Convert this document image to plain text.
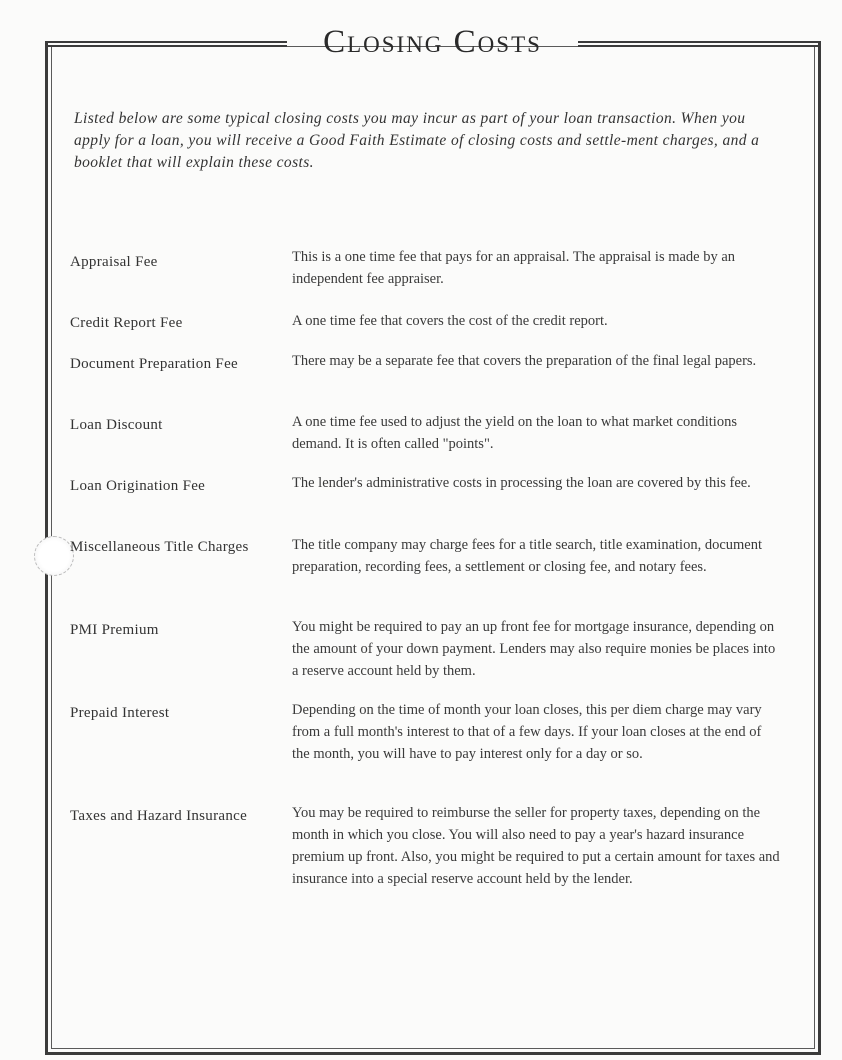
Closing Costs

Listed below are some typical closing costs you may incur as part of your loan transaction. When you apply for a loan, you will receive a Good Faith Estimate of closing costs and settle-ment charges, and a booklet that will explain these costs.

Appraisal Fee	This is a one time fee that pays for an appraisal. The appraisal is made by an independent fee appraiser.

Credit Report Fee	A one time fee that covers the cost of the credit report.

Document Preparation Fee	There may be a separate fee that covers the preparation of the final legal papers.

Loan Discount	A one time fee used to adjust the yield on the loan to what market conditions demand. It is often called "points".

Loan Origination Fee	The lender's administrative costs in processing the loan are covered by this fee.

Miscellaneous Title Charges	The title company may charge fees for a title search, title examination, document preparation, recording fees, a settlement or closing fee, and notary fees.

PMI Premium	You might be required to pay an up front fee for mortgage insurance, depending on the amount of your down payment. Lenders may also require monies be places into a reserve account held by them.

Prepaid Interest	Depending on the time of month your loan closes, this per diem charge may vary from a full month's interest to that of a few days. If your loan closes at the end of the month, you will have to pay interest only for a day or so.

Taxes and Hazard Insurance	You may be required to reimburse the seller for property taxes, depending on the month in which you close. You will also need to pay a year's hazard insurance premium up front. Also, you might be required to put a certain amount for taxes and insurance into a special reserve account held by the lender.
